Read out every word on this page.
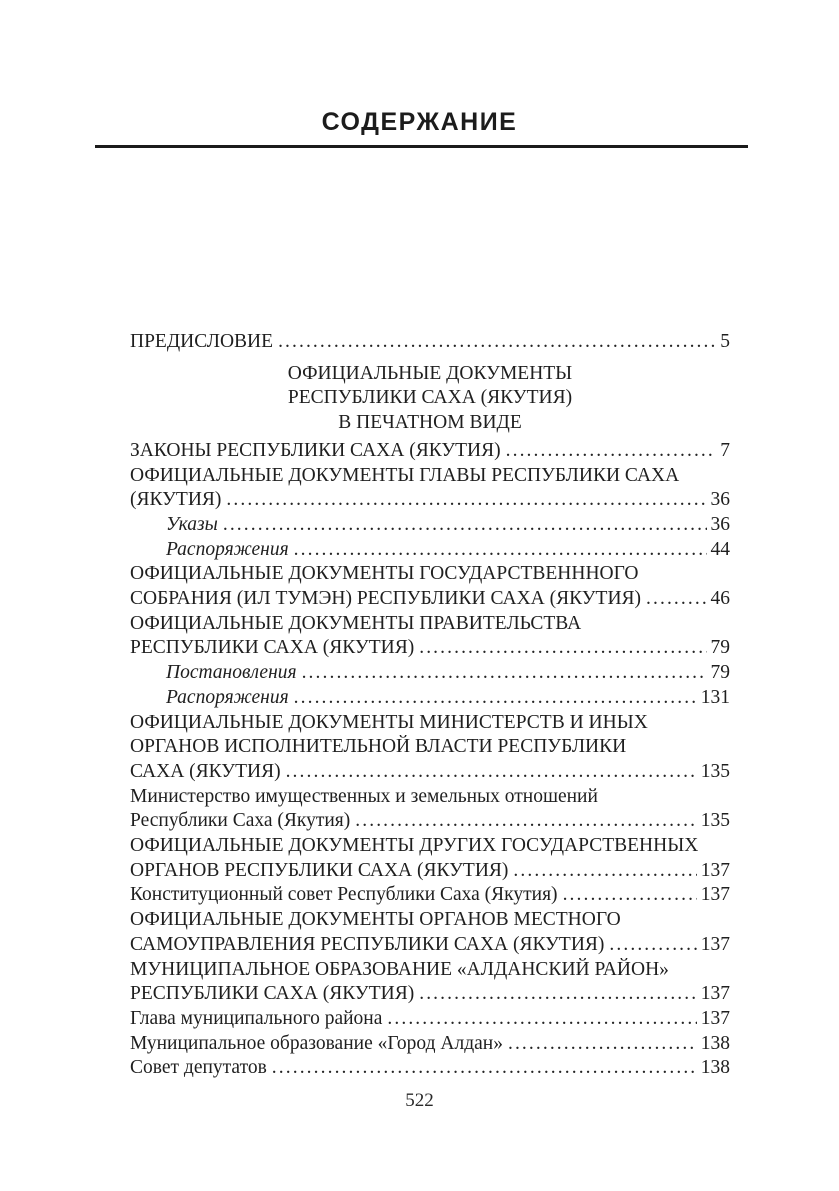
СОДЕРЖАНИЕ
ПРЕДИСЛОВИЕ .....	5
ОФИЦИАЛЬНЫЕ ДОКУМЕНТЫ
РЕСПУБЛИКИ САХА (ЯКУТИЯ)
В ПЕЧАТНОМ ВИДЕ
ЗАКОНЫ РЕСПУБЛИКИ САХА (ЯКУТИЯ) .....	7
ОФИЦИАЛЬНЫЕ ДОКУМЕНТЫ ГЛАВЫ РЕСПУБЛИКИ САХА
(ЯКУТИЯ) .....	36
Указы .....	36
Распоряжения .....	44
ОФИЦИАЛЬНЫЕ ДОКУМЕНТЫ ГОСУДАРСТВЕНННОГО
СОБРАНИЯ (ИЛ ТУМЭН) РЕСПУБЛИКИ САХА (ЯКУТИЯ) .....	46
ОФИЦИАЛЬНЫЕ ДОКУМЕНТЫ ПРАВИТЕЛЬСТВА
РЕСПУБЛИКИ САХА (ЯКУТИЯ) .....	79
Постановления .....	79
Распоряжения .....	131
ОФИЦИАЛЬНЫЕ ДОКУМЕНТЫ МИНИСТЕРСТВ И ИНЫХ
ОРГАНОВ ИСПОЛНИТЕЛЬНОЙ ВЛАСТИ РЕСПУБЛИКИ
САХА (ЯКУТИЯ) .....	135
Министерство имущественных и земельных отношений
Республики Саха (Якутия) .....	135
ОФИЦИАЛЬНЫЕ ДОКУМЕНТЫ ДРУГИХ ГОСУДАРСТВЕННЫХ
ОРГАНОВ РЕСПУБЛИКИ САХА (ЯКУТИЯ) .....	137
Конституционный совет Республики Саха (Якутия) .....	137
ОФИЦИАЛЬНЫЕ ДОКУМЕНТЫ ОРГАНОВ МЕСТНОГО
САМОУПРАВЛЕНИЯ РЕСПУБЛИКИ САХА (ЯКУТИЯ) .....	137
МУНИЦИПАЛЬНОЕ ОБРАЗОВАНИЕ «АЛДАНСКИЙ РАЙОН»
РЕСПУБЛИКИ САХА (ЯКУТИЯ) .....	137
Глава муниципального района .....	137
Муниципальное образование «Город Алдан» .....	138
Совет депутатов .....	138
522
